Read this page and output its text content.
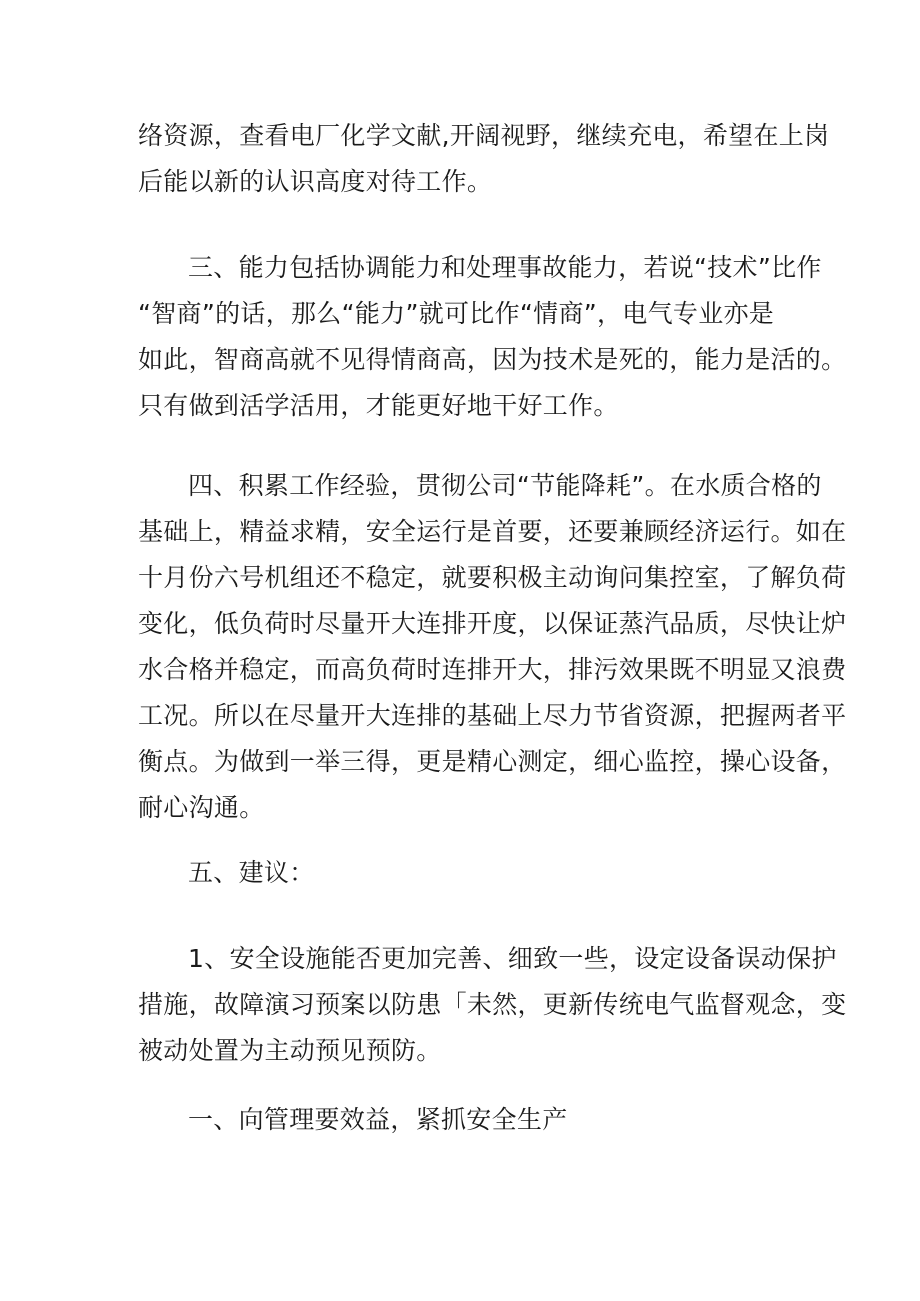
络资源，查看电厂化学文献,开阔视野，继续充电，希望在上岗
后能以新的认识高度对待工作。

三、能力包括协调能力和处理事故能力，若说“技术”比作
“智商”的话，那么“能力”就可比作“情商”，电气专业亦是
如此，智商高就不见得情商高，因为技术是死的，能力是活的。
只有做到活学活用，才能更好地干好工作。

四、积累工作经验，贯彻公司“节能降耗”。在水质合格的
基础上，精益求精，安全运行是首要，还要兼顾经济运行。如在
十月份六号机组还不稳定，就要积极主动询问集控室，了解负荷
变化，低负荷时尽量开大连排开度，以保证蒸汽品质，尽快让炉
水合格并稳定，而高负荷时连排开大，排污效果既不明显又浪费
工况。所以在尽量开大连排的基础上尽力节省资源，把握两者平
衡点。为做到一举三得，更是精心测定，细心监控，操心设备，
耐心沟通。

五、建议：

1、安全设施能否更加完善、细致一些，设定设备误动保护
措施，故障演习预案以防患「未然，更新传统电气监督观念，变
被动处置为主动预见预防。

一、向管理要效益，紧抓安全生产
